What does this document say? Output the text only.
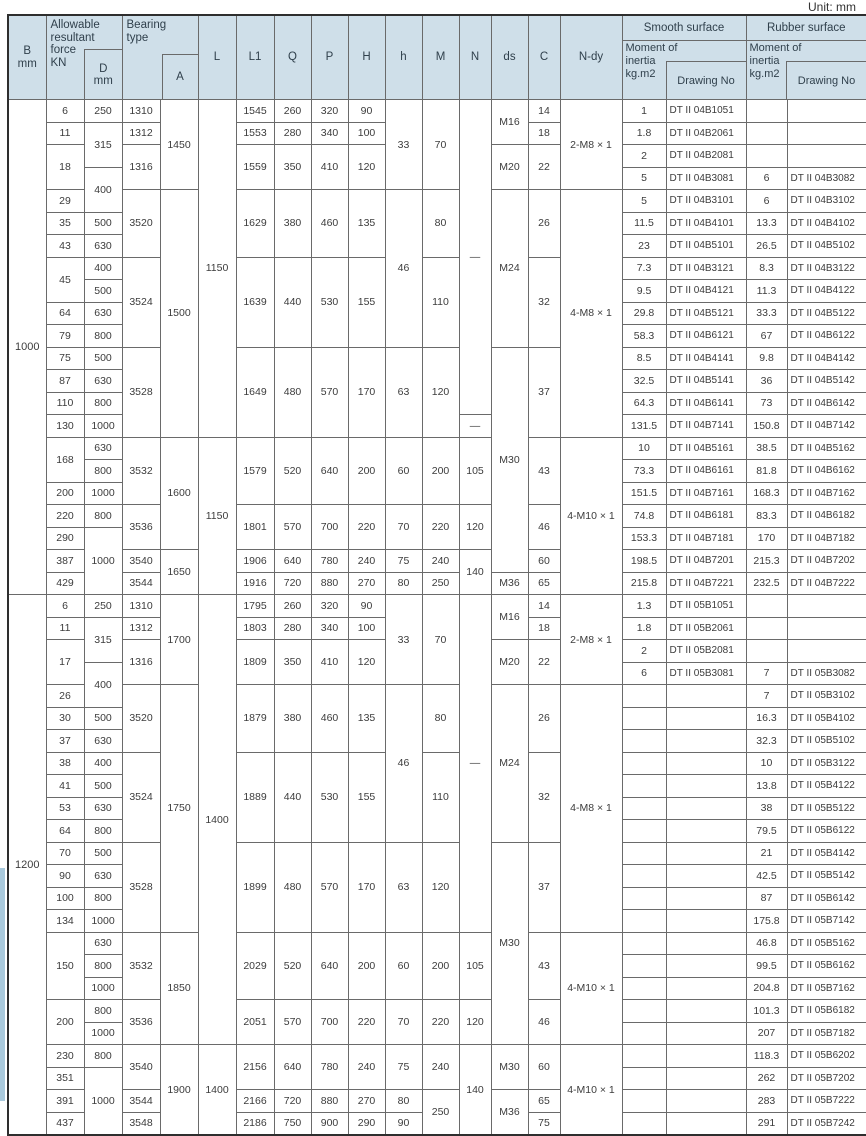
Unit: mm
B
mm

Allowable
resultant
force
KN
D
mm

Bearing
type
A

L	L1	Q	P	H	h	M	N	ds	C	N-dy

Smooth surface
Moment of
inertia
kg.m2
Drawing No

Rubber surface
Moment of
inertia
kg.m2
Drawing No

1000	6	250	1310	1450	1150	1545	260	320	90	33	70	—	M16	14	2-M8 × 1	1	DT II 04B1051		
	11	315	1312			1553	280	340	100					18		1.8	DT II 04B2061		
	18		1316			1559	350	410	120				M20	22		2	DT II 04B2081		
		400														5	DT II 04B3081	6	DT II 04B3082
	29		3520	1500		1629	380	460	135	46	80		M24	26	4-M8 × 1	5	DT II 04B3101	6	DT II 04B3102
	35	500														11.5	DT II 04B4101	13.3	DT II 04B4102
	43	630														23	DT II 04B5101	26.5	DT II 04B5102
	45	400	3524			1639	440	530	155		110			32		7.3	DT II 04B3121	8.3	DT II 04B3122
		500														9.5	DT II 04B4121	11.3	DT II 04B4122
	64	630														29.8	DT II 04B5121	33.3	DT II 04B5122
	79	800														58.3	DT II 04B6121	67	DT II 04B6122
	75	500	3528			1649	480	570	170	63	120		M30	37		8.5	DT II 04B4141	9.8	DT II 04B4142
	87	630														32.5	DT II 04B5141	36	DT II 04B5142
	110	800														64.3	DT II 04B6141	73	DT II 04B6142
	130	1000										—				131.5	DT II 04B7141	150.8	DT II 04B7142
	168	630	3532	1600	1150	1579	520	640	200	60	200	105		43	4-M10 × 1	10	DT II 04B5161	38.5	DT II 04B5162
		800														73.3	DT II 04B6161	81.8	DT II 04B6162
	200	1000														151.5	DT II 04B7161	168.3	DT II 04B7162
	220	800	3536			1801	570	700	220	70	220	120		46		74.8	DT II 04B6181	83.3	DT II 04B6182
	290	1000														153.3	DT II 04B7181	170	DT II 04B7182
	387		3540	1650		1906	640	780	240	75	240	140		60		198.5	DT II 04B7201	215.3	DT II 04B7202
	429		3544			1916	720	880	270	80	250		M36	65		215.8	DT II 04B7221	232.5	DT II 04B7222
1200	6	250	1310	1700	1400	1795	260	320	90	33	70	—	M16	14	2-M8 × 1	1.3	DT II 05B1051		
	11	315	1312			1803	280	340	100					18		1.8	DT II 05B2061		
	17		1316			1809	350	410	120				M20	22		2	DT II 05B2081		
		400														6	DT II 05B3081	7	DT II 05B3082
	26		3520	1750		1879	380	460	135	46	80		M24	26	4-M8 × 1			7	DT II 05B3102
	30	500																16.3	DT II 05B4102
	37	630																32.3	DT II 05B5102
	38	400	3524			1889	440	530	155		110			32				10	DT II 05B3122
	41	500																13.8	DT II 05B4122
	53	630																38	DT II 05B5122
	64	800																79.5	DT II 05B6122
	70	500	3528			1899	480	570	170	63	120		M30	37				21	DT II 05B4142
	90	630																42.5	DT II 05B5142
	100	800																87	DT II 05B6142
	134	1000																175.8	DT II 05B7142
	150	630	3532	1850		2029	520	640	200	60	200	105		43	4-M10 × 1			46.8	DT II 05B5162
		800																99.5	DT II 05B6162
		1000																204.8	DT II 05B7162
	200	800	3536			2051	570	700	220	70	220	120		46				101.3	DT II 05B6182
		1000																207	DT II 05B7182
	230	800	3540	1900	1400	2156	640	780	240	75	240	140	M30	60	4-M10 × 1			118.3	DT II 05B6202
	351	1000																262	DT II 05B7202
	391		3544			2166	720	880	270	80	250		M36	65				283	DT II 05B7222
	437		3548			2186	750	900	290	90				75				291	DT II 05B7242
